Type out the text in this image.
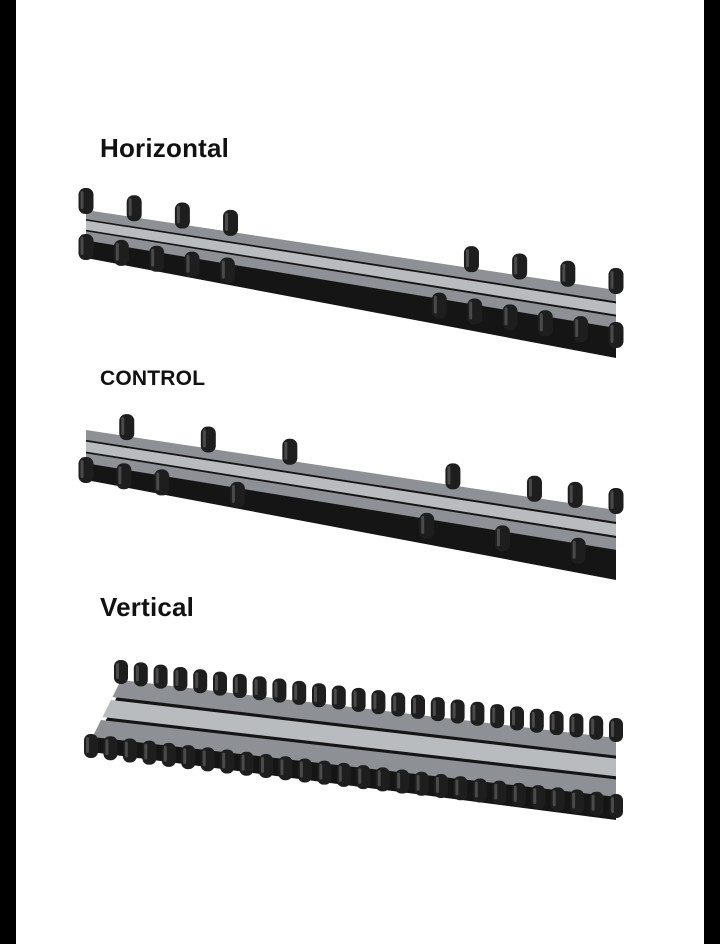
Horizontal
CONTROL
Vertical
